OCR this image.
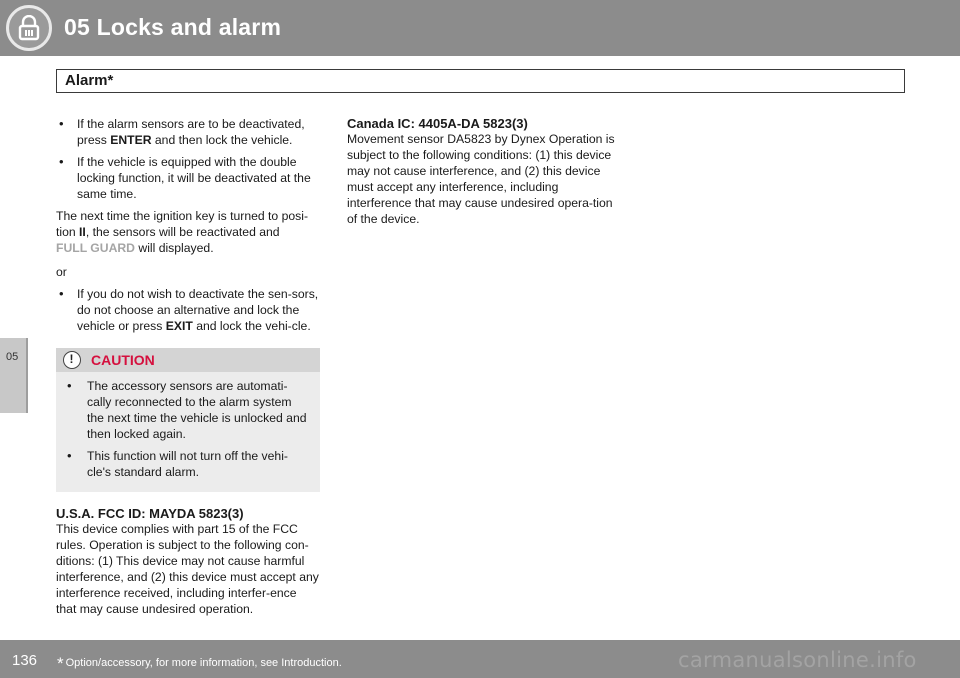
05 Locks and alarm
Alarm*
05
• If the alarm sensors are to be deactivated, press ENTER and then lock the vehicle.
• If the vehicle is equipped with the double locking function, it will be deactivated at the same time.
The next time the ignition key is turned to posi-tion II, the sensors will be reactivated and
FULL GUARD will displayed.
or
• If you do not wish to deactivate the sen-sors, do not choose an alternative and lock the vehicle or press EXIT and lock the vehi-cle.
!
CAUTION
• The accessory sensors are automati-cally reconnected to the alarm system the next time the vehicle is unlocked and then locked again.
• This function will not turn off the vehi-cle's standard alarm.
U.S.A. FCC ID: MAYDA 5823(3)
This device complies with part 15 of the FCC rules. Operation is subject to the following con-ditions: (1) This device may not cause harmful interference, and (2) this device must accept any interference received, including interfer-ence that may cause undesired operation.
Canada IC: 4405A-DA 5823(3)
Movement sensor DA5823 by Dynex Operation is subject to the following conditions: (1) this device may not cause interference, and (2) this device must accept any interference, including interference that may cause undesired opera-tion of the device.
136 * Option/accessory, for more information, see Introduction.	carmanualsonline.info
